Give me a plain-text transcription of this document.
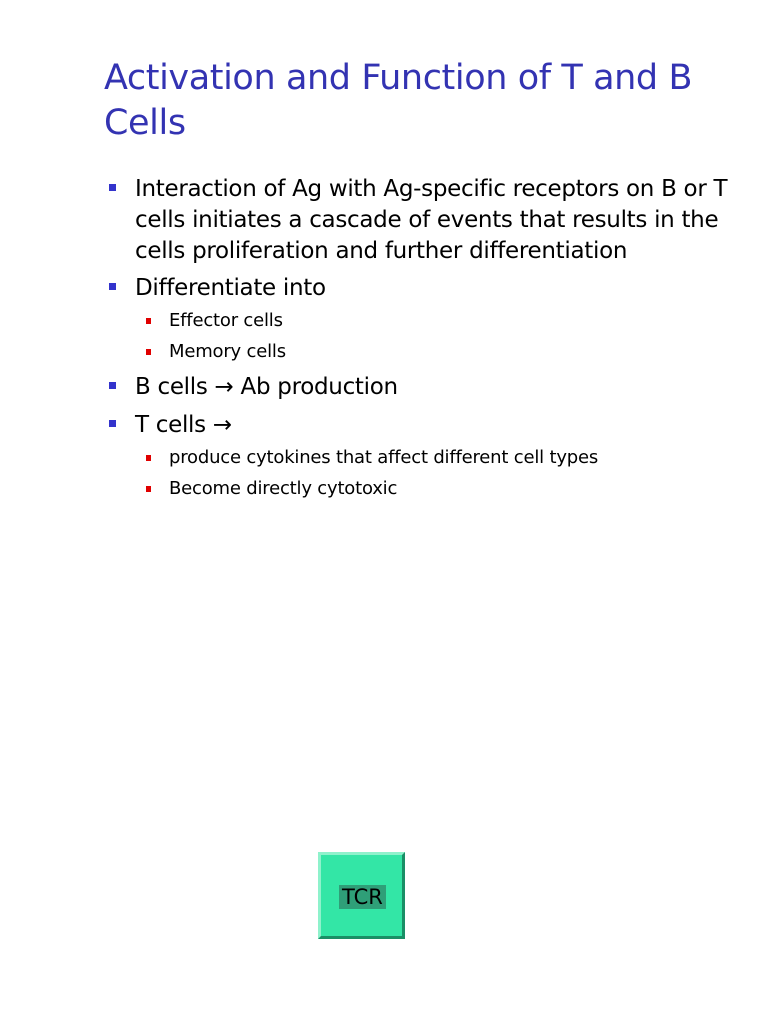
Activation and Function of T and B Cells
Interaction of Ag with Ag-specific receptors on B or T
cells initiates a cascade of events that results in the
cells proliferation and further differentiation
Differentiate into
Effector cells
Memory cells
B cells → Ab production
T cells →
produce cytokines that affect different cell types
Become directly cytotoxic
TCR
